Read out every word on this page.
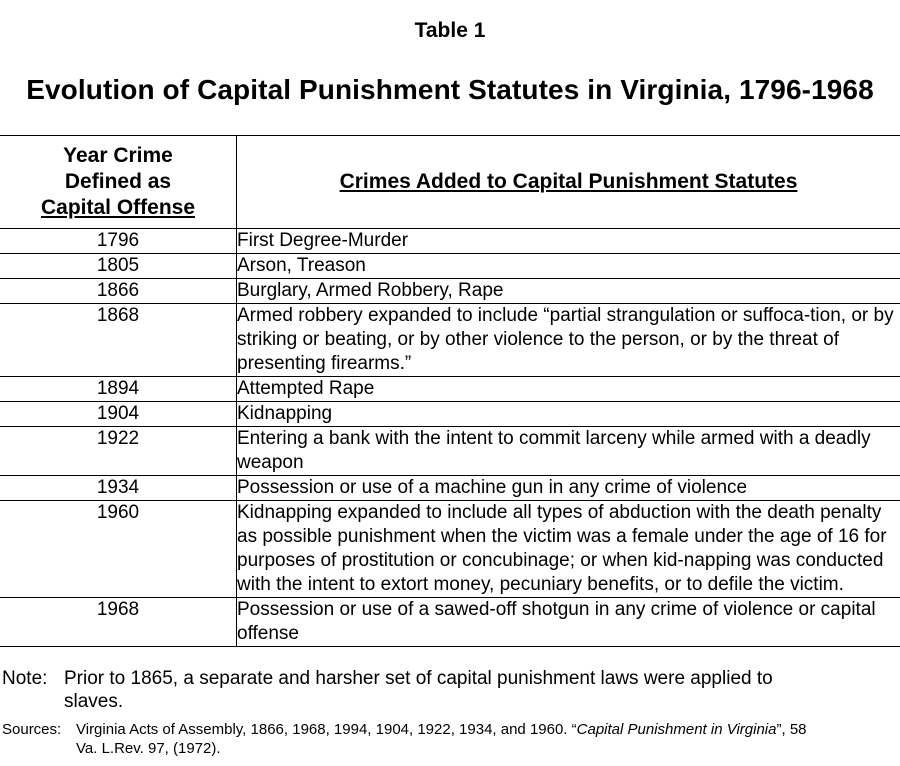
Table 1
Evolution of Capital Punishment Statutes in Virginia, 1796-1968
Year Crime
Defined as
Capital Offense	Crimes Added to Capital Punishment Statutes
1796	First Degree-Murder
1805	Arson, Treason
1866	Burglary, Armed Robbery, Rape
1868	Armed robbery expanded to include “partial strangulation or suffoca-tion, or by striking or beating, or by other violence to the person, or by the threat of presenting firearms.”
1894	Attempted Rape
1904	Kidnapping
1922	Entering a bank with the intent to commit larceny while armed with a deadly weapon
1934	Possession or use of a machine gun in any crime of violence
1960	Kidnapping expanded to include all types of abduction with the death penalty as possible punishment when the victim was a female under the age of 16 for purposes of prostitution or concubinage; or when kid-napping was conducted with the intent to extort money, pecuniary benefits, or to defile the victim.
1968	Possession or use of a sawed-off shotgun in any crime of violence or capital offense
Note: Prior to 1865, a separate and harsher set of capital punishment laws were applied to
slaves.
Sources: Virginia Acts of Assembly, 1866, 1968, 1994, 1904, 1922, 1934, and 1960. “Capital Punishment in Virginia”, 58
Va. L.Rev. 97, (1972).
